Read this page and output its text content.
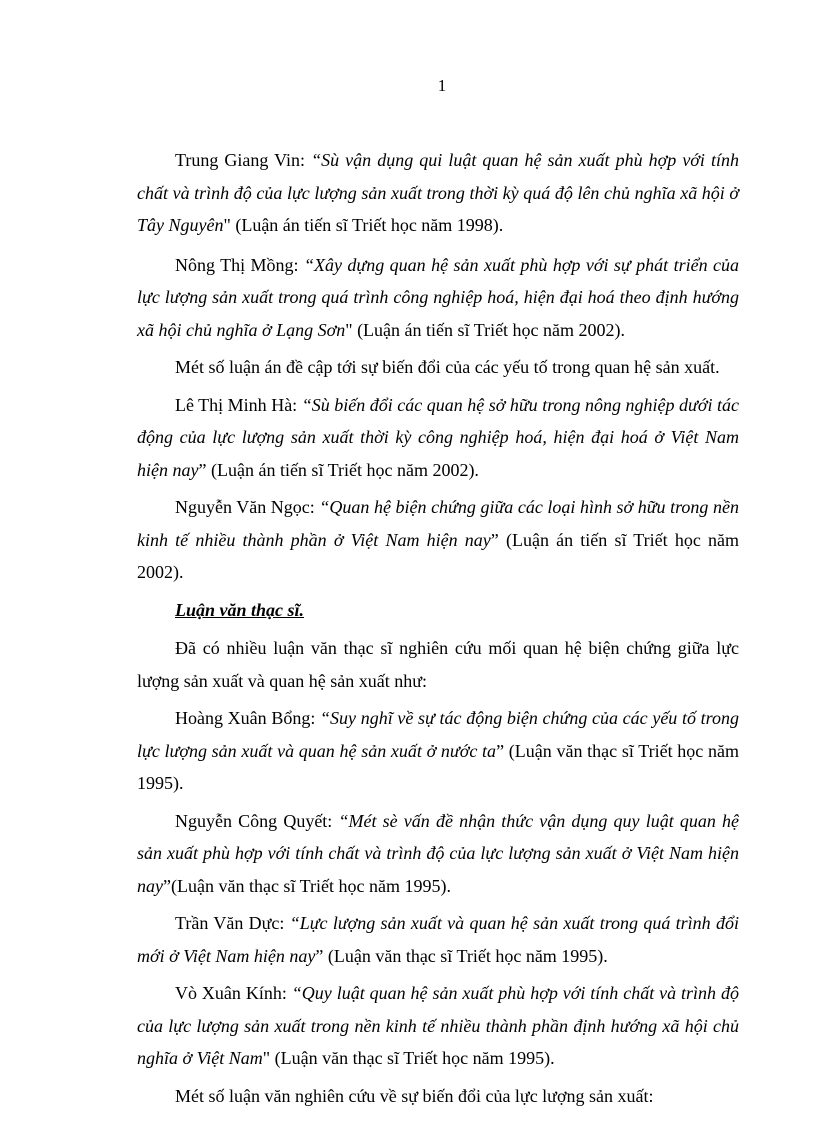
1

Trung Giang Vin: “Sù vận dụng qui luật quan hệ sản xuất phù hợp với tính chất và trình độ của lực lượng sản xuất trong thời kỳ quá độ lên chủ nghĩa xã hội ở Tây Nguyên" (Luận án tiến sĩ Triết học năm 1998).

Nông Thị Mồng: “Xây dựng quan hệ sản xuất phù hợp với sự phát triển của lực lượng sản xuất trong quá trình công nghiệp hoá, hiện đại hoá theo định hướng xã hội chủ nghĩa ở Lạng Sơn" (Luận án tiến sĩ Triết học năm 2002).

Mét số luận án đề cập tới sự biến đổi của các yếu tố trong quan hệ sản xuất.

Lê Thị Minh Hà: “Sù biến đổi các quan hệ sở hữu trong nông nghiệp dưới tác động của lực lượng sản xuất thời kỳ công nghiệp hoá, hiện đại hoá ở Việt Nam hiện nay” (Luận án tiến sĩ Triết học năm 2002).

Nguyễn Văn Ngọc: “Quan hệ biện chứng giữa các loại hình sở hữu trong nền kinh tế nhiều thành phần ở Việt Nam hiện nay” (Luận án tiến sĩ Triết học năm 2002).

Luận văn thạc sĩ.

Đã có nhiều luận văn thạc sĩ nghiên cứu mối quan hệ biện chứng giữa lực lượng sản xuất và quan hệ sản xuất như:

Hoàng Xuân Bổng: “Suy nghĩ về sự tác động biện chứng của các yếu tố trong lực lượng sản xuất và quan hệ sản xuất ở nước ta” (Luận văn thạc sĩ Triết học năm 1995).

Nguyễn Công Quyết: “Mét sè vấn đề nhận thức vận dụng quy luật quan hệ sản xuất phù hợp với tính chất và trình độ của lực lượng sản xuất ở Việt Nam hiện nay”(Luận văn thạc sĩ Triết học năm 1995).

Trần Văn Dực: “Lực lượng sản xuất và quan hệ sản xuất trong quá trình đổi mới ở Việt Nam hiện nay” (Luận văn thạc sĩ Triết học năm 1995).

Vò Xuân Kính: “Quy luật quan hệ sản xuất phù hợp với tính chất và trình độ của lực lượng sản xuất trong nền kinh tế nhiều thành phần định hướng xã hội chủ nghĩa ở Việt Nam" (Luận văn thạc sĩ Triết học năm 1995).

Mét số luận văn nghiên cứu về sự biến đổi của lực lượng sản xuất:
